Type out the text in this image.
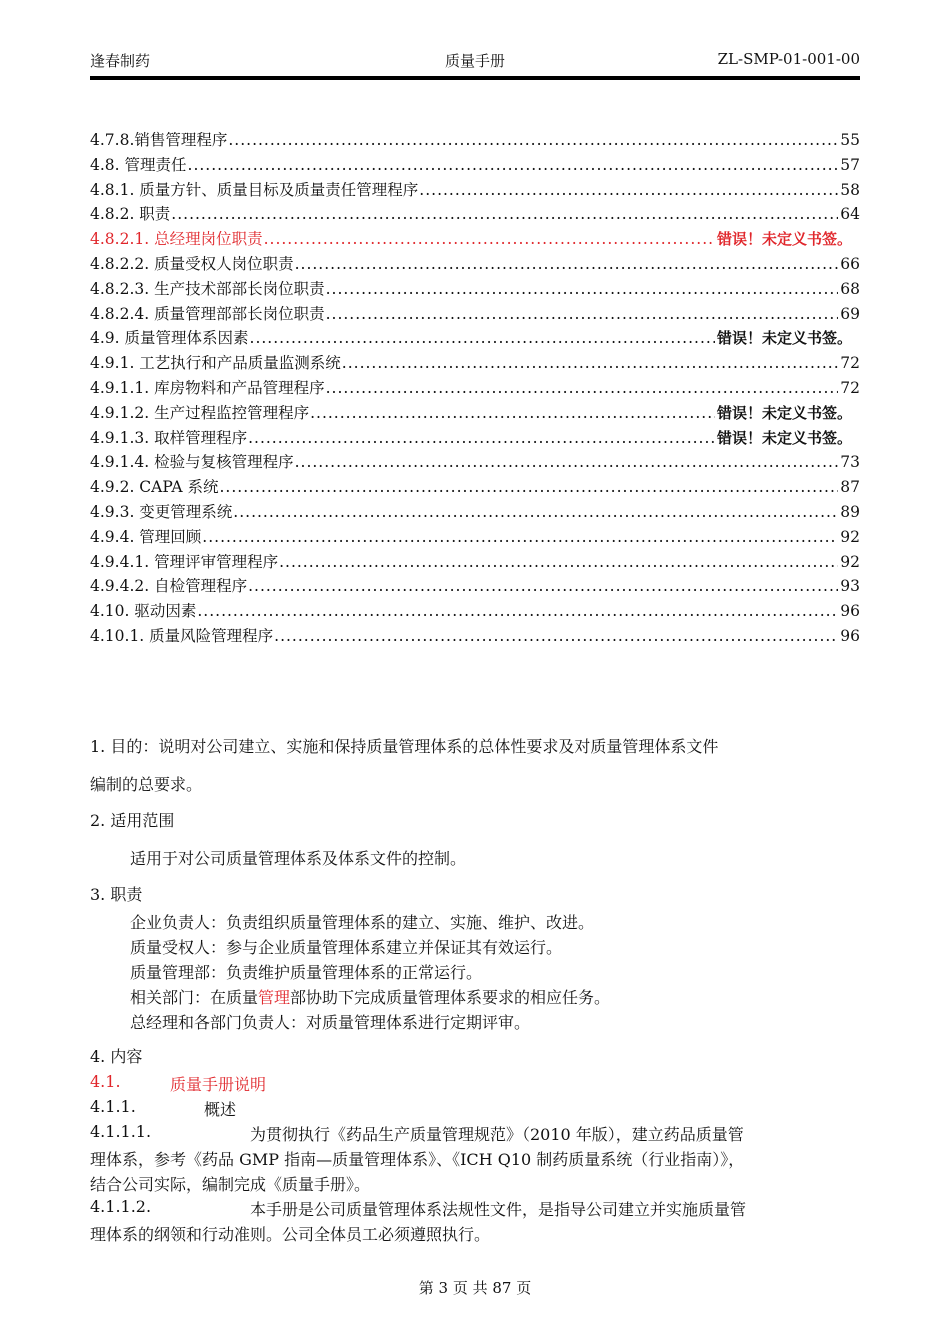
逢春制药	质量手册	ZL-SMP-01-001-00
4.7.8.销售管理程序 .....	55
4.8. 管理责任 .....	57
4.8.1. 质量方针、质量目标及质量责任管理程序 .....	58
4.8.2. 职责 .....	64
4.8.2.1. 总经理岗位职责 .....	错误！未定义书签。
4.8.2.2. 质量受权人岗位职责 .....	66
4.8.2.3. 生产技术部部长岗位职责 .....	68
4.8.2.4. 质量管理部部长岗位职责 .....	69
4.9. 质量管理体系因素 .....	错误！未定义书签。
4.9.1. 工艺执行和产品质量监测系统 .....	72
4.9.1.1. 库房物料和产品管理程序 .....	72
4.9.1.2. 生产过程监控管理程序 .....	错误！未定义书签。
4.9.1.3. 取样管理程序 .....	错误！未定义书签。
4.9.1.4. 检验与复核管理程序 .....	73
4.9.2. CAPA 系统 .....	87
4.9.3. 变更管理系统 .....	89
4.9.4. 管理回顾 .....	92
4.9.4.1. 管理评审管理程序 .....	92
4.9.4.2. 自检管理程序 .....	93
4.10. 驱动因素 .....	96
4.10.1. 质量风险管理程序 .....	96
1. 目的：说明对公司建立、实施和保持质量管理体系的总体性要求及对质量管理体系文件
编制的总要求。
2. 适用范围
适用于对公司质量管理体系及体系文件的控制。
3. 职责
企业负责人：负责组织质量管理体系的建立、实施、维护、改进。
质量受权人：参与企业质量管理体系建立并保证其有效运行。
质量管理部：负责维护质量管理体系的正常运行。
相关部门：在质量管理部协助下完成质量管理体系要求的相应任务。
总经理和各部门负责人：对质量管理体系进行定期评审。
4. 内容
4.1.	质量手册说明
4.1.1.	概述
4.1.1.1.	为贯彻执行《药品生产质量管理规范》（2010 年版），建立药品质量管
理体系，参考《药品 GMP 指南—质量管理体系》、《ICH Q10 制药质量系统（行业指南）》，
结合公司实际，编制完成《质量手册》。
4.1.1.2.	本手册是公司质量管理体系法规性文件，是指导公司建立并实施质量管
理体系的纲领和行动准则。公司全体员工必须遵照执行。
第 3 页 共 87 页
